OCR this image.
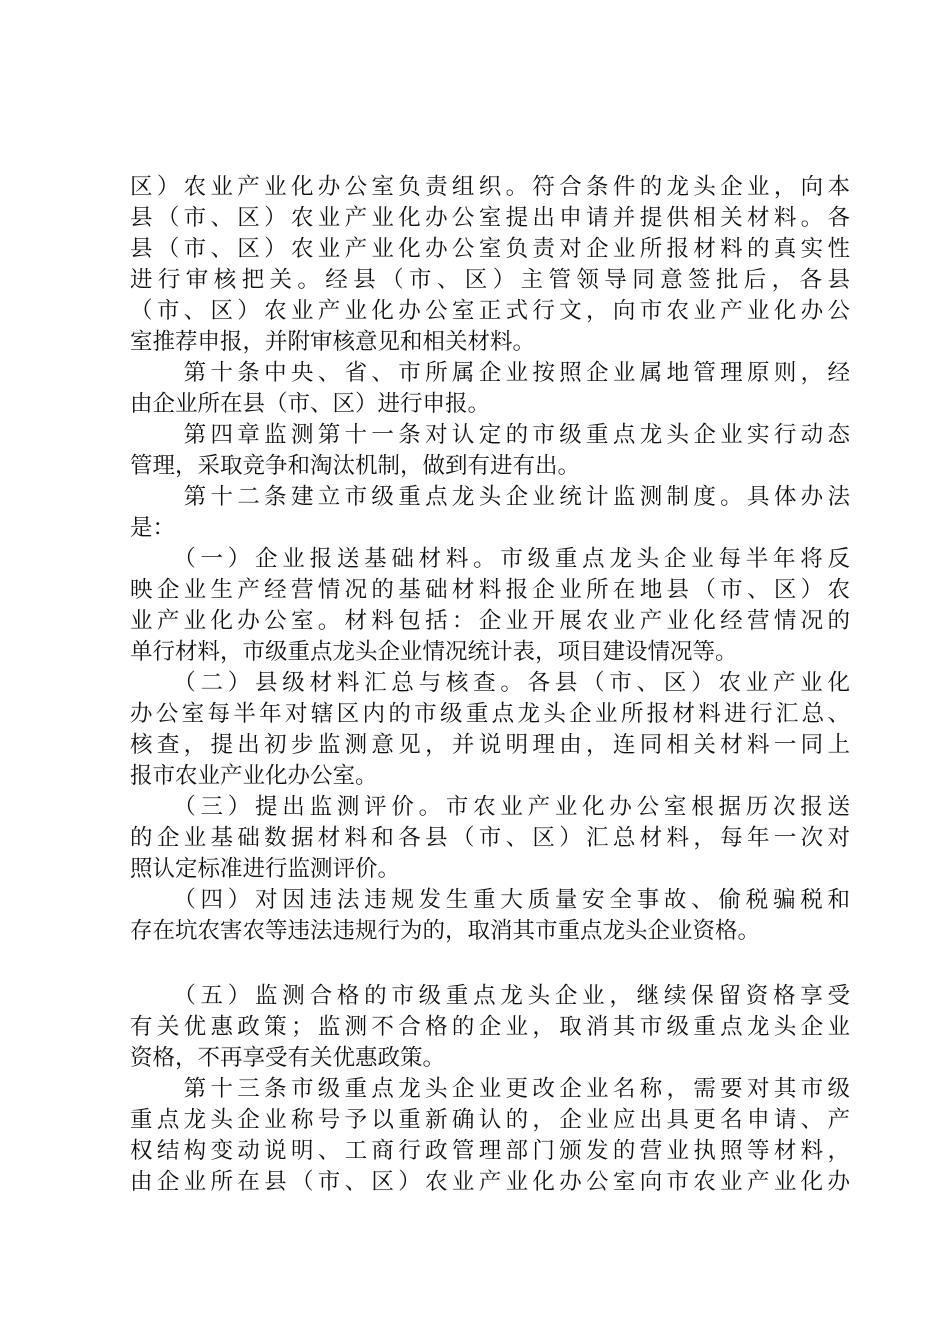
区）农业产业化办公室负责组织。符合条件的龙头企业，向本
县（市、区）农业产业化办公室提出申请并提供相关材料。各
县（市、区）农业产业化办公室负责对企业所报材料的真实性
进行审核把关。经县（市、区）主管领导同意签批后，各县
（市、区）农业产业化办公室正式行文，向市农业产业化办公
室推荐申报，并附审核意见和相关材料。
　　第十条中央、省、市所属企业按照企业属地管理原则，经
由企业所在县（市、区）进行申报。
　　第四章监测第十一条对认定的市级重点龙头企业实行动态
管理，采取竞争和淘汰机制，做到有进有出。
　　第十二条建立市级重点龙头企业统计监测制度。具体办法
是：
　　（一）企业报送基础材料。市级重点龙头企业每半年将反
映企业生产经营情况的基础材料报企业所在地县（市、区）农
业产业化办公室。材料包括：企业开展农业产业化经营情况的
单行材料，市级重点龙头企业情况统计表，项目建设情况等。
　　（二）县级材料汇总与核查。各县（市、区）农业产业化
办公室每半年对辖区内的市级重点龙头企业所报材料进行汇总、
核查，提出初步监测意见，并说明理由，连同相关材料一同上
报市农业产业化办公室。
　　（三）提出监测评价。市农业产业化办公室根据历次报送
的企业基础数据材料和各县（市、区）汇总材料，每年一次对
照认定标准进行监测评价。
　　（四）对因违法违规发生重大质量安全事故、偷税骗税和
存在坑农害农等违法违规行为的，取消其市重点龙头企业资格。
　　（五）监测合格的市级重点龙头企业，继续保留资格享受
有关优惠政策；监测不合格的企业，取消其市级重点龙头企业
资格，不再享受有关优惠政策。
　　第十三条市级重点龙头企业更改企业名称，需要对其市级
重点龙头企业称号予以重新确认的，企业应出具更名申请、产
权结构变动说明、工商行政管理部门颁发的营业执照等材料，
由企业所在县（市、区）农业产业化办公室向市农业产业化办
